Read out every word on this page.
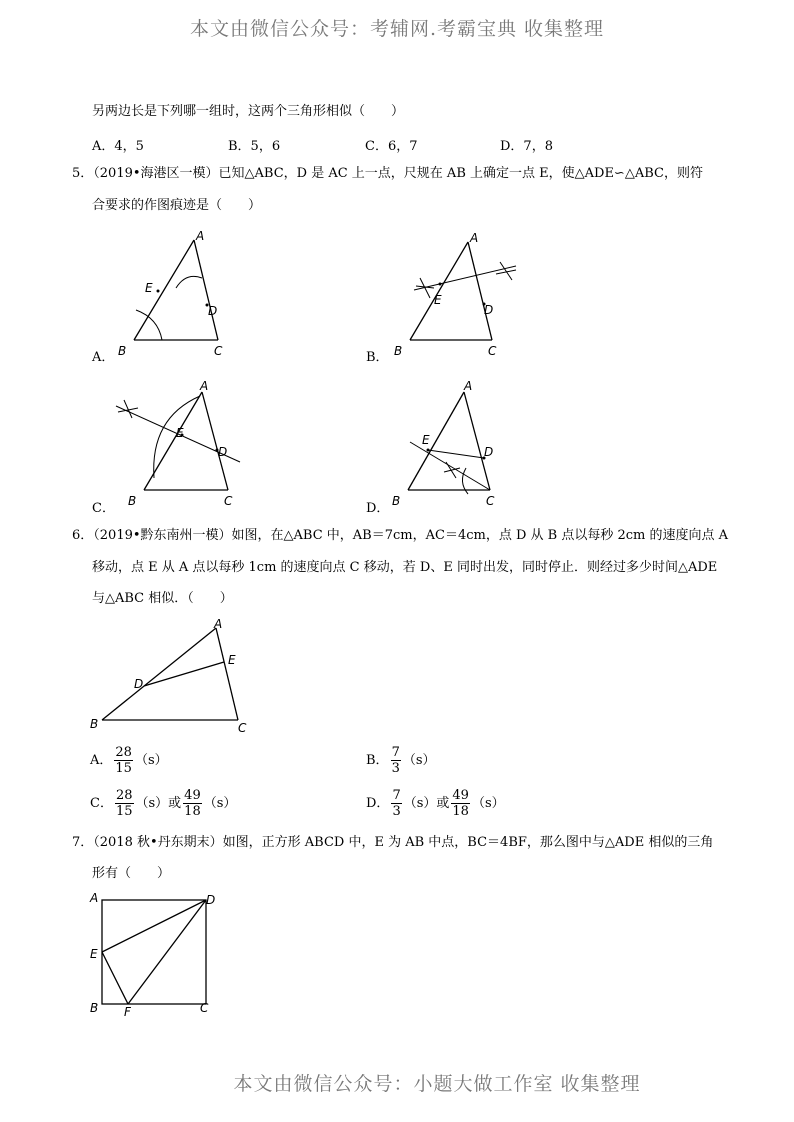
本文由微信公众号：考辅网.考霸宝典 收集整理
另两边长是下列哪一组时，这两个三角形相似（　　）
A．4，5	B．5，6	C．6，7	D．7，8
5．（2019•海港区一模）已知△ABC，D 是 AC 上一点，尺规在 AB 上确定一点 E，使△ADE∽△ABC，则符
合要求的作图痕迹是（　　）
A．	B．
C．	D．
A
E
D
B	C
A
E
D
B	C
A
E
D
B	C
A
E
D
B	C
6．（2019•黔东南州一模）如图，在△ABC 中，AB＝7cm，AC＝4cm，点 D 从 B 点以每秒 2cm 的速度向点 A
移动，点 E 从 A 点以每秒 1cm 的速度向点 C 移动，若 D、E 同时出发，同时停止．则经过多少时间△ADE
与△ABC 相似．（　　）
A
E
D
B	C
A． $\frac{28}{15} (s)$	B． $\frac{7}{3} (s)$
C． $\frac{28}{15} (s)$或 $\frac{49}{18} (s)$	D． $\frac{7}{3} (s)$或 $\frac{49}{18} (s)$
7．（2018 秋•丹东期末）如图，正方形 ABCD 中，E 为 AB 中点，BC＝4BF，那么图中与△ADE 相似的三角
形有（　　）
A	D
E
B F	C
本文由微信公众号：小题大做工作室 收集整理
